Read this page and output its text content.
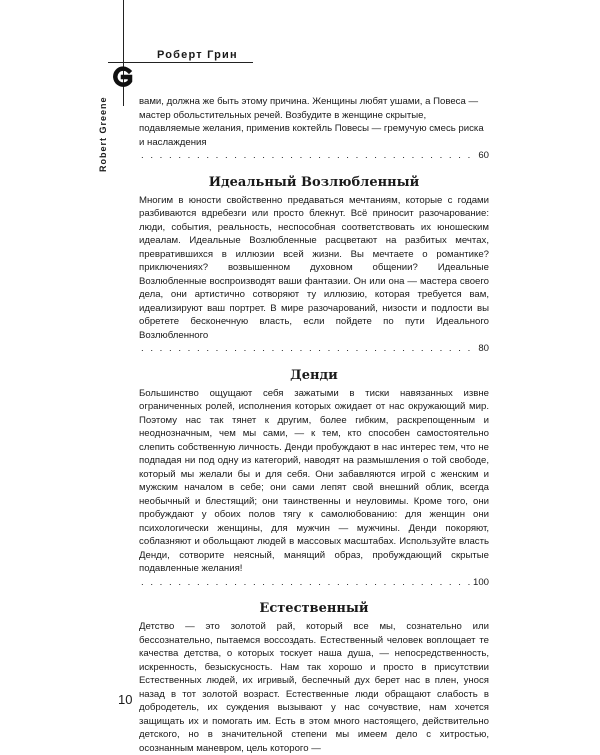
Роберт Грин
Robert Greene	вами, должна же быть этому причина. Женщины любят ушами, а Повеса — мастер обольстительных речей. Возбудите в женщине скрытые, подавляемые желания, применив коктейль Повесы — гремучую смесь риска и наслаждения

. . .
60
Идеальный Возлюбленный

Многим в юности свойственно предаваться мечтаниям, которые с годами разбиваются вдребезги или просто блекнут. Всё приносит разочарование: люди, события, реальность, неспособная соответствовать их юношеским идеалам. Идеальные Возлюбленные расцветают на разбитых мечтах, превратившихся в иллюзии всей жизни. Вы мечтаете о романтике? приключениях? возвышенном духовном общении? Идеальные Возлюбленные воспроизводят ваши фантазии. Он или она — мастера своего дела, они артистично сотворяют ту иллюзию, которая требуется вам, идеализируют ваш портрет. В мире разочарований, низости и подлости вы обретете бесконечную власть, если пойдете по пути Идеального Возлюбленного

. . .
80
Денди

Большинство ощущают себя зажатыми в тиски навязанных извне ограниченных ролей, исполнения которых ожидает от нас окружающий мир. Поэтому нас так тянет к другим, более гибким, раскрепощенным и неоднозначным, чем мы сами, — к тем, кто способен самостоятельно слепить собственную личность. Денди пробуждают в нас интерес тем, что не подпадая ни под одну из категорий, наводят на размышления о той свободе, который мы желали бы и для себя. Они забавляются игрой с женским и мужским началом в себе; они сами лепят свой внешний облик, всегда необычный и блестящий; они таинственны и неуловимы. Кроме того, они пробуждают у обоих полов тягу к самолюбованию: для женщин они психологически женщины, для мужчин — мужчины. Денди покоряют, соблазняют и обольщают людей в массовых масштабах. Используйте власть Денди, сотворите неясный, манящий образ, пробуждающий скрытые подавленные желания!

. . .
100
Естественный

Детство — это золотой рай, который все мы, сознательно или бессознательно, пытаемся воссоздать. Естественный человек воплощает те качества детства, о которых тоскует наша душа, — непосредственность, искренность, безыскусность. Нам так хорошо и просто в присутствии Естественных людей, их игривый, беспечный дух берет нас в плен, унося назад в тот золотой возраст. Естественные люди обращают слабость в добродетель, их суждения вызывают у нас сочувствие, нам хочется защищать их и помогать им. Есть в этом много настоящего, действительно детского, но в значительной степени мы имеем дело с хитростью, осознанным маневром, цель которого —

10
